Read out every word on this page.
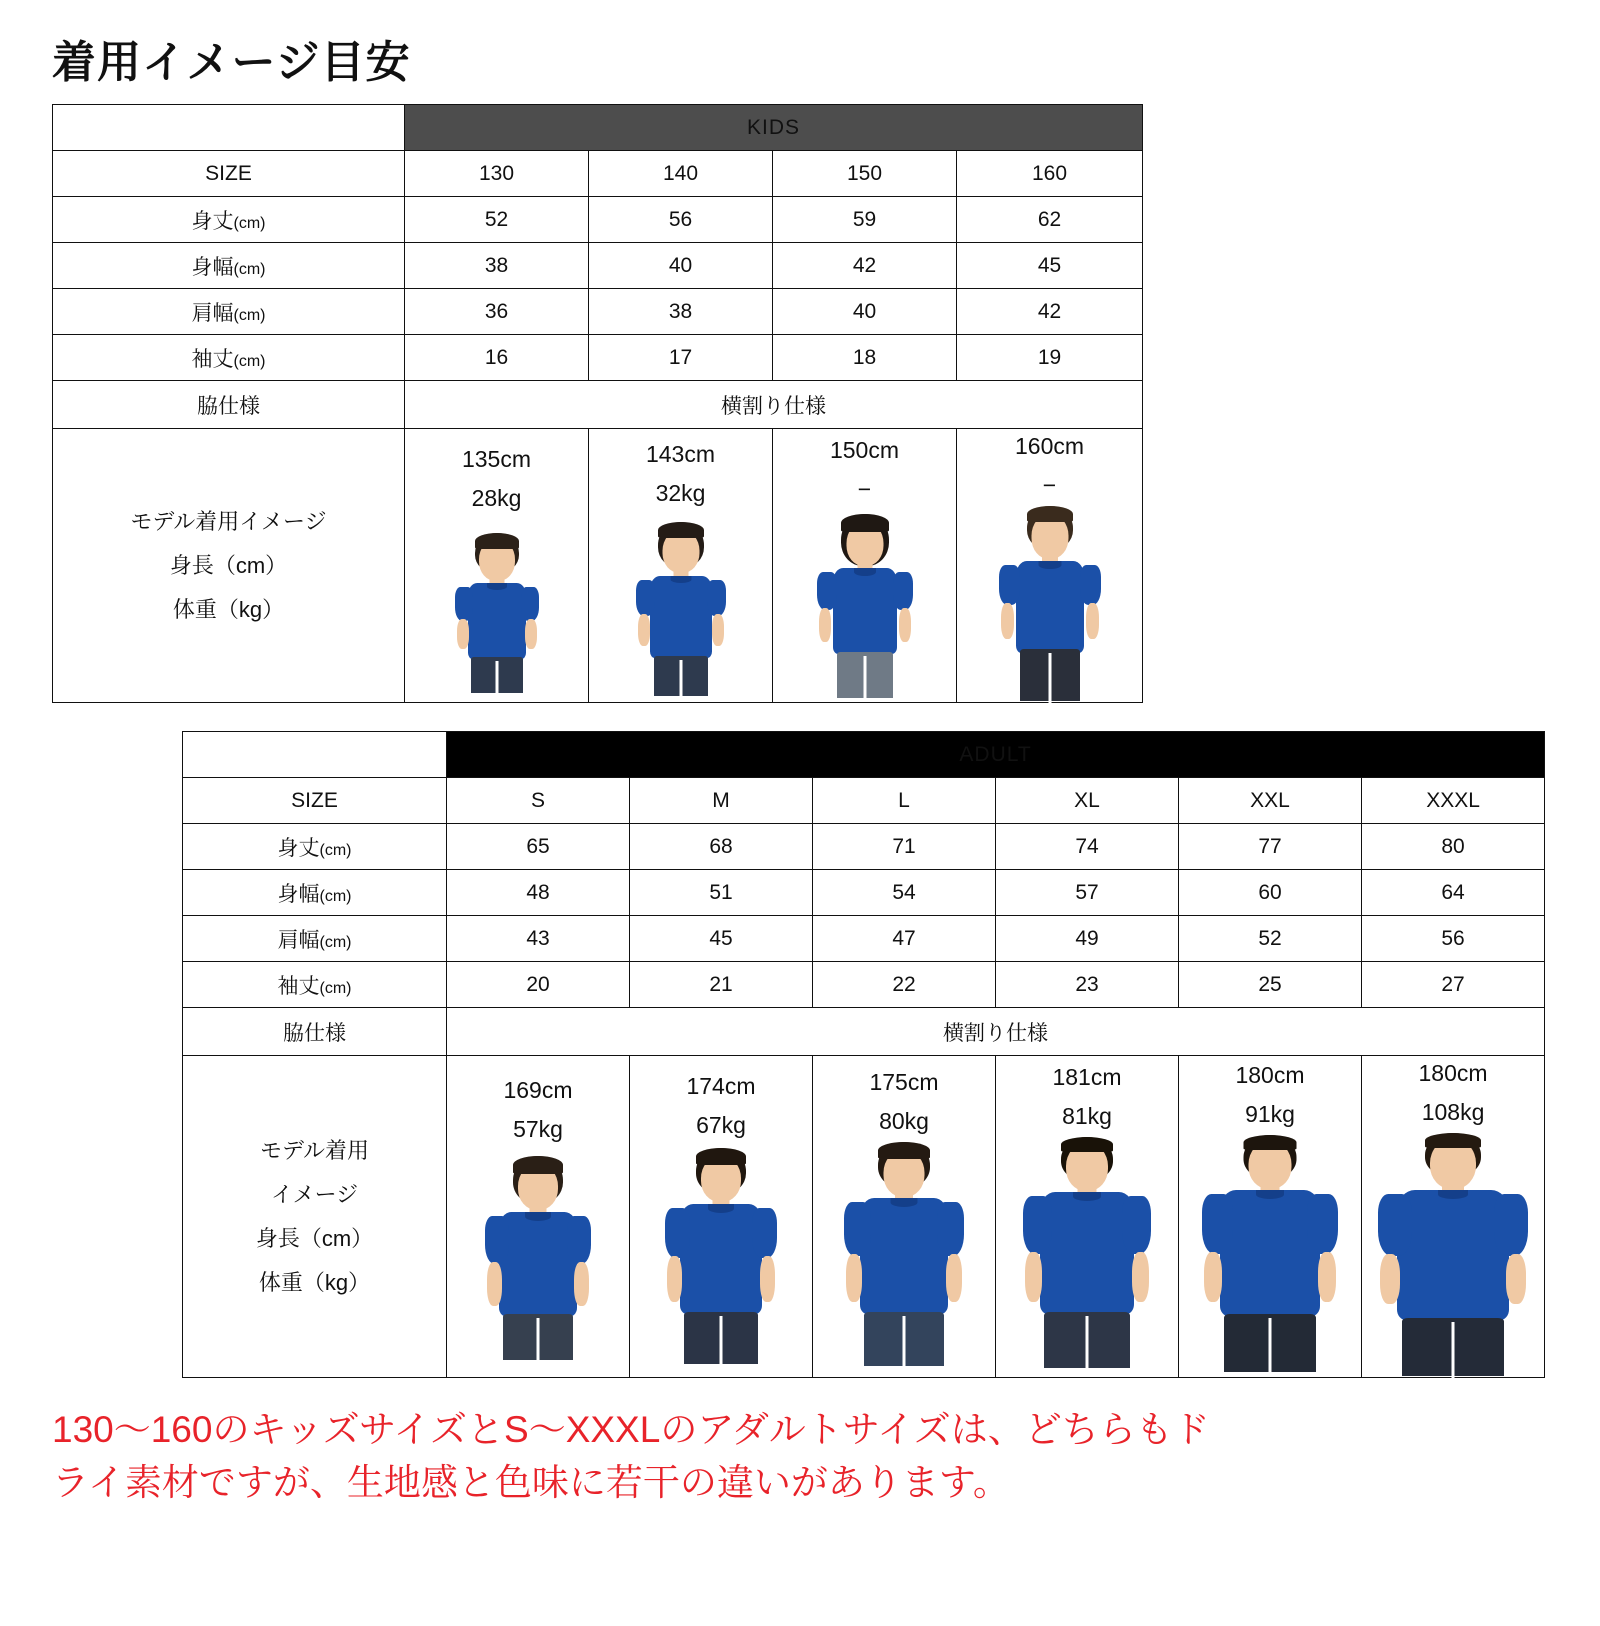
着用イメージ目安
	KIDS			
SIZE	130	140	150	160
身丈(cm)	52	56	59	62
身幅(cm)	38	40	42	45
肩幅(cm)	36	38	40	42
袖丈(cm)	16	17	18	19
脇仕様	横割り仕様			

モデル着用イメージ
身長（cm）
体重（kg）

135cm
28kg

143cm
32kg

150cm
−

160cm
−
	ADULT					
SIZE	S	M	L	XL	XXL	XXXL
身丈(cm)	65	68	71	74	77	80
身幅(cm)	48	51	54	57	60	64
肩幅(cm)	43	45	47	49	52	56
袖丈(cm)	20	21	22	23	25	27
脇仕様	横割り仕様					

モデル着用
イメージ
身長（cm）
体重（kg）

169cm
57kg

174cm
67kg

175cm
80kg

181cm
81kg

180cm
91kg

180cm
108kg
130〜160のキッズサイズとS〜XXXLのアダルトサイズは、どちらもド
ライ素材ですが、生地感と色味に若干の違いがあります。
